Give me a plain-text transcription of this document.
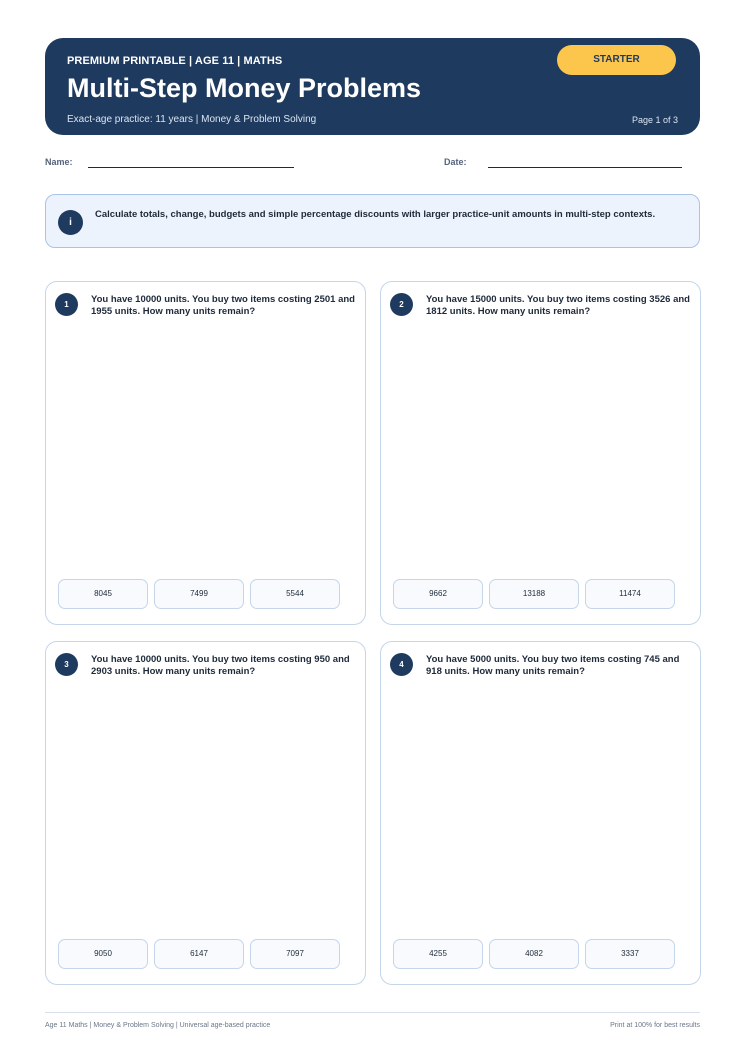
PREMIUM PRINTABLE | AGE 11 | MATHS
Multi-Step Money Problems
Exact-age practice: 11 years | Money & Problem Solving	Page 1 of 3
STARTER
Name:	Date:
i
Calculate totals, change, budgets and simple percentage discounts with larger practice-unit amounts in multi-step contexts.
1	You have 10000 units. You buy two items costing 2501 and 1955 units. How many units remain?
8045	7499	5544
2	You have 15000 units. You buy two items costing 3526 and 1812 units. How many units remain?
9662	13188	11474
3	You have 10000 units. You buy two items costing 950 and 2903 units. How many units remain?
9050	6147	7097
4	You have 5000 units. You buy two items costing 745 and 918 units. How many units remain?
4255	4082	3337
Age 11 Maths | Money & Problem Solving | Universal age-based practice	Print at 100% for best results
